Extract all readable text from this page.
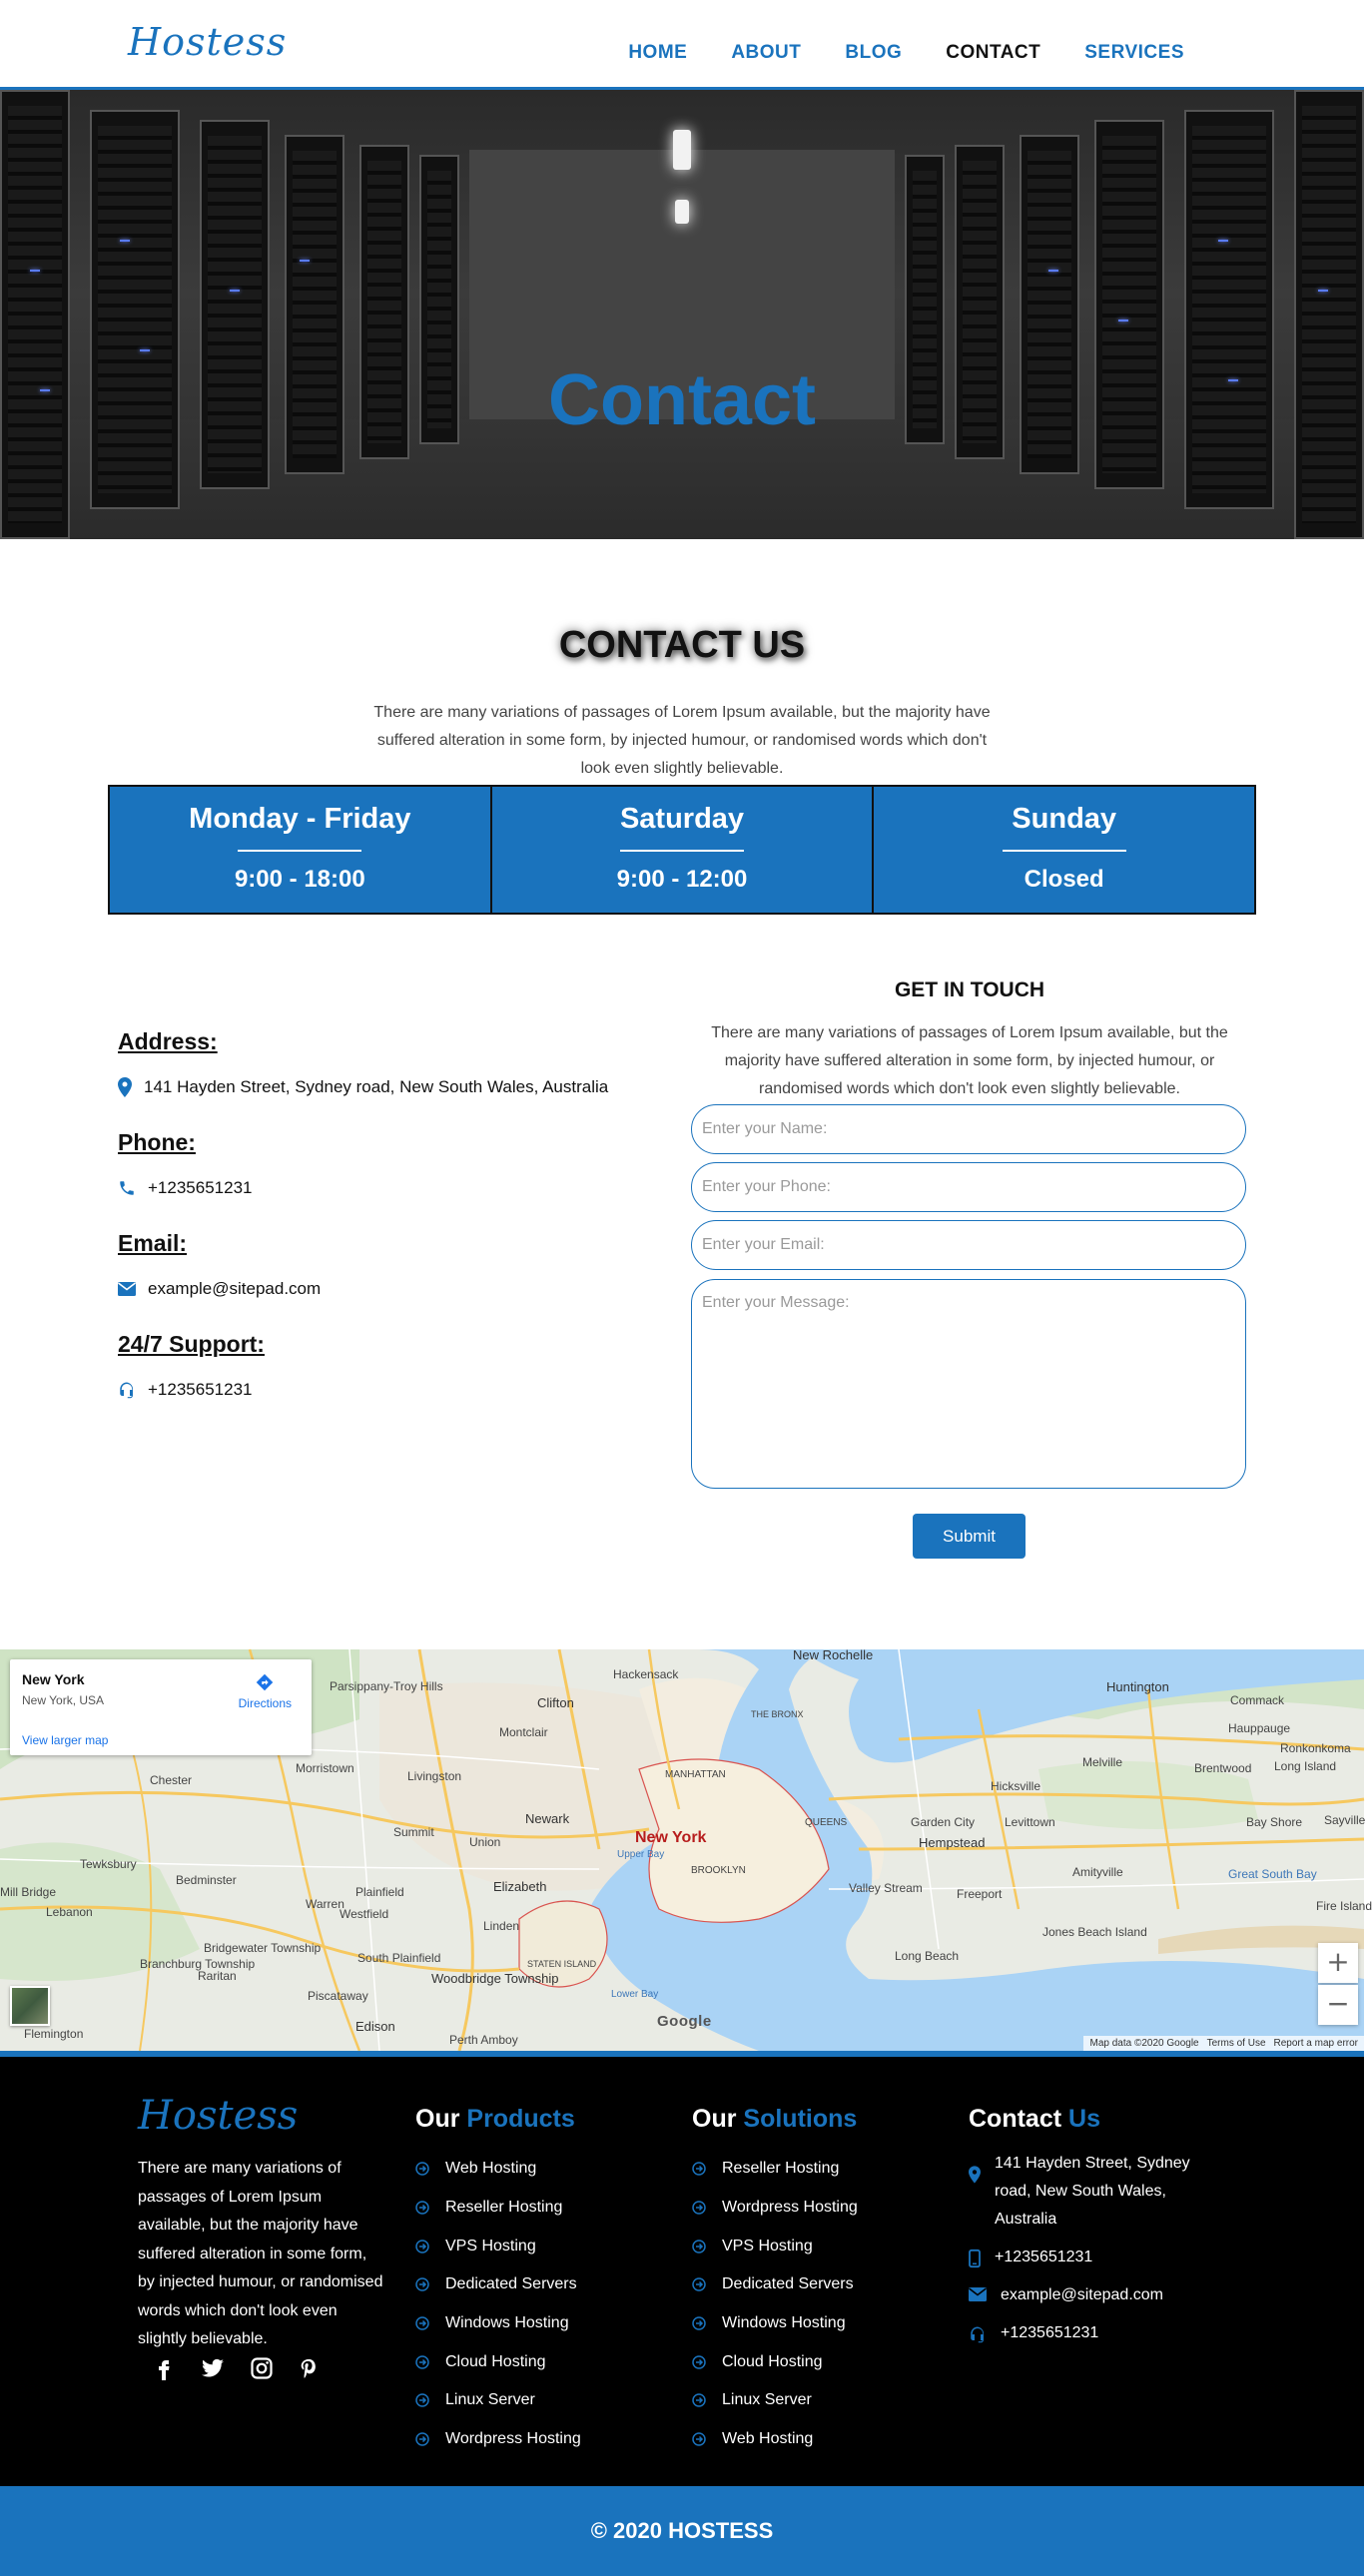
Hostess	HOME ABOUT BLOG CONTACT SERVICES
Contact
CONTACT US
There are many variations of passages of Lorem Ipsum available, but the majority have suffered alteration in some form, by injected humour, or randomised words which don't look even slightly believable.
Monday - Friday
9:00 - 18:00
Saturday
9:00 - 12:00
Sunday
Closed
Address:
141 Hayden Street, Sydney road, New South Wales, Australia
Phone:
+1235651231
Email:
example@sitepad.com
24/7 Support:
+1235651231
GET IN TOUCH
There are many variations of passages of Lorem Ipsum available, but the majority have suffered alteration in some form, by injected humour, or randomised words which don't look even slightly believable.
Enter your Name:
Enter your Phone:
Enter your Email:
Enter your Message:
Submit
New Rochelle
Hackensack
Clifton
Parsippany-Troy Hills
Montclair
Morristown
Livingston
Chester
THE BRONX
MANHATTAN
Newark
New York
QUEENS
BROOKLYN
Huntington
Commack
Hauppauge
Ronkonkoma
Long Island
Melville	Brentwood
Hicksville
Bay Shore Sayville
Garden City Levittown
Hempstead
Amityville
Valley Stream	Freeport
Great South Bay
Fire Island
Jones Beach Island
Long Beach
Union
Summit
Elizabeth
Linden
Westfield
Plainfield
Warren
Bedminster
Tewksbury
Mill Bridge
Lebanon
Bridgewater Township
Branchburg Township
Raritan
South Plainfield
Piscataway
Woodbridge Township
STATEN ISLAND
Edison
Perth Amboy
Flemington
Upper Bay
Lower Bay
New York
New York, USA
View larger map
Directions
+
−
Google
Map data ©2020 Google Terms of Use Report a map error
Hostess
There are many variations of passages of Lorem Ipsum available, but the majority have suffered alteration in some form, by injected humour, or randomised words which don't look even slightly believable.
Our Products
Web Hosting
Reseller Hosting
VPS Hosting
Dedicated Servers
Windows Hosting
Cloud Hosting
Linux Server
Wordpress Hosting
Our Solutions
Reseller Hosting
Wordpress Hosting
VPS Hosting
Dedicated Servers
Windows Hosting
Cloud Hosting
Linux Server
Web Hosting
Contact Us
141 Hayden Street, Sydney road, New South Wales, Australia
+1235651231
example@sitepad.com
+1235651231
© 2020 HOSTESS
